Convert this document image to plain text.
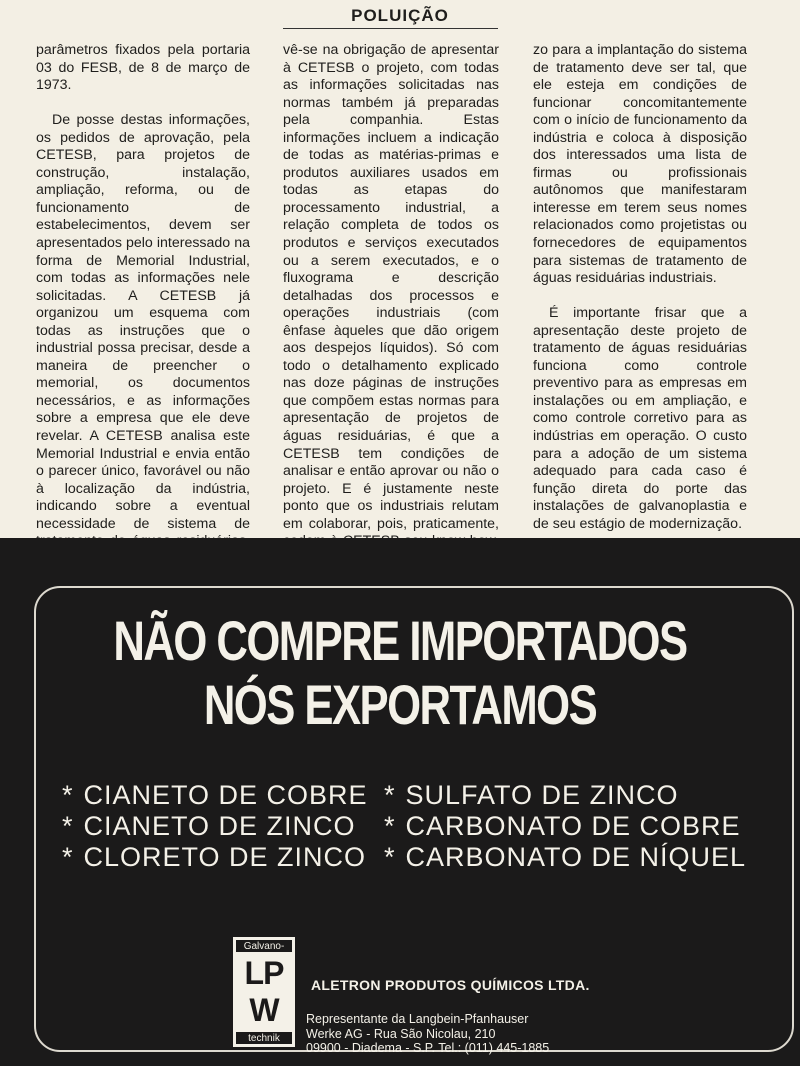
POLUIÇÃO

parâmetros fixados pela portaria 03 do FESB, de 8 de março de 1973.

De posse destas informações, os pedidos de aprovação, pela CETESB, para projetos de construção, instalação, ampliação, reforma, ou de funcionamento de estabelecimentos, devem ser apresentados pelo interessado na forma de Memorial Industrial, com todas as informações nele solicitadas. A CETESB já organizou um esquema com todas as instruções que o industrial possa precisar, desde a maneira de preencher o memorial, os documentos necessários, e as informações sobre a empresa que ele deve revelar. A CETESB analisa este Memorial Industrial e envia então o parecer único, favorável ou não à localização da indústria, indicando sobre a eventual necessidade de sistema de

vê-se na obrigação de apresentar à CETESB o projeto, com todas as informações solicitadas nas normas também já preparadas pela companhia. Estas informações incluem a indicação de todas as matérias-primas e produtos auxiliares usados em todas as etapas do processamento industrial, a relação completa de todos os produtos e serviços executados ou a serem executados, e o fluxograma e descrição detalhadas dos processos e operações industriais (com ênfase àqueles que dão origem aos despejos líquidos). Só com todo o detalhamento explicado nas doze páginas de instruções que compõem estas normas para apresentação de projetos de águas residuárias, é que a CETESB tem condições de analisar e então aprovar ou não o projeto. E é justamente neste ponto que os industriais relutam em colaborar, pois, praticamente,

zo para a implantação do sistema de tratamento deve ser tal, que ele esteja em condições de funcionar concomitantemente com o início de funcionamento da indústria e coloca à disposição dos interessados uma lista de firmas ou profissionais autônomos que manifestaram interesse em terem seus nomes relacionados como projetistas ou fornecedores de equipamentos para sistemas de tratamento de águas residuárias industriais.

É importante frisar que a apresentação deste projeto de tratamento de águas residuárias funciona como controle preventivo para as empresas em instalações ou em ampliação, e como controle corretivo para as indústrias em operação. O custo para a adoção de um sistema adequado para cada caso é função direta do porte das instalações de galvanoplastia e de seu estágio de modernização.

NÃO COMPRE IMPORTADOS
NÓS EXPORTAMOS
* CIANETO DE COBRE
* CIANETO DE ZINCO
* CLORETO DE ZINCO
* SULFATO DE ZINCO
* CARBONATO DE COBRE
* CARBONATO DE NÍQUEL
Galvano-
LP
W
technik
ALETRON PRODUTOS QUÍMICOS LTDA.
Representante da Langbein-Pfanhauser
Werke AG - Rua São Nicolau, 210
09900 - Diadema - S.P. Tel.: (011) 445-1885
